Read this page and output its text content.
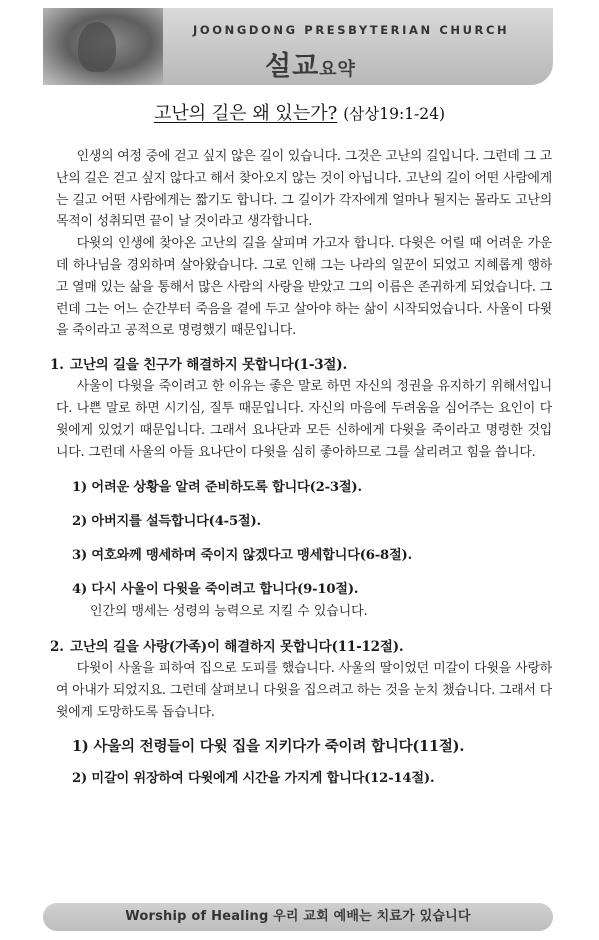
JOONGDONG PRESBYTERIAN CHURCH
설교요약
고난의 길은 왜 있는가? (삼상19:1-24)

인생의 여정 중에 걷고 싶지 않은 길이 있습니다. 그것은 고난의 길입니다. 그런데 그 고난의 길은 걷고 싶지 않다고 해서 찾아오지 않는 것이 아닙니다. 고난의 길이 어떤 사람에게는 길고 어떤 사람에게는 짧기도 합니다. 그 길이가 각자에게 얼마나 될지는 몰라도 고난의 목적이 성취되면 끝이 날 것이라고 생각합니다.

다윗의 인생에 찾아온 고난의 길을 살피며 가고자 합니다. 다윗은 어릴 때 어려운 가운데 하나님을 경외하며 살아왔습니다. 그로 인해 그는 나라의 일꾼이 되었고 지혜롭게 행하고 열매 있는 삶을 통해서 많은 사람의 사랑을 받았고 그의 이름은 존귀하게 되었습니다. 그런데 그는 어느 순간부터 죽음을 곁에 두고 살아야 하는 삶이 시작되었습니다. 사울이 다윗을 죽이라고 공적으로 명령했기 때문입니다.

1. 고난의 길을 친구가 해결하지 못합니다(1-3절).

사울이 다윗을 죽이려고 한 이유는 좋은 말로 하면 자신의 정권을 유지하기 위해서입니다. 나쁜 말로 하면 시기심, 질투 때문입니다. 자신의 마음에 두려움을 심어주는 요인이 다윗에게 있었기 때문입니다. 그래서 요나단과 모든 신하에게 다윗을 죽이라고 명령한 것입니다. 그런데 사울의 아들 요나단이 다윗을 심히 좋아하므로 그를 살리려고 힘을 씁니다.

1) 어려운 상황을 알려 준비하도록 합니다(2-3절).

2) 아버지를 설득합니다(4-5절).

3) 여호와께 맹세하며 죽이지 않겠다고 맹세합니다(6-8절).

4) 다시 사울이 다윗을 죽이려고 합니다(9-10절).

인간의 맹세는 성령의 능력으로 지킬 수 있습니다.

2. 고난의 길을 사랑(가족)이 해결하지 못합니다(11-12절).

다윗이 사울을 피하여 집으로 도피를 했습니다. 사울의 딸이었던 미갈이 다윗을 사랑하여 아내가 되었지요. 그런데 살펴보니 다윗을 집으려고 하는 것을 눈치 챘습니다. 그래서 다윗에게 도망하도록 돕습니다.

1) 사울의 전령들이 다윗 집을 지키다가 죽이려 합니다(11절).

2) 미갈이 위장하여 다윗에게 시간을 가지게 합니다(12-14절).

Worship of Healing 우리 교회 예배는 치료가 있습니다
